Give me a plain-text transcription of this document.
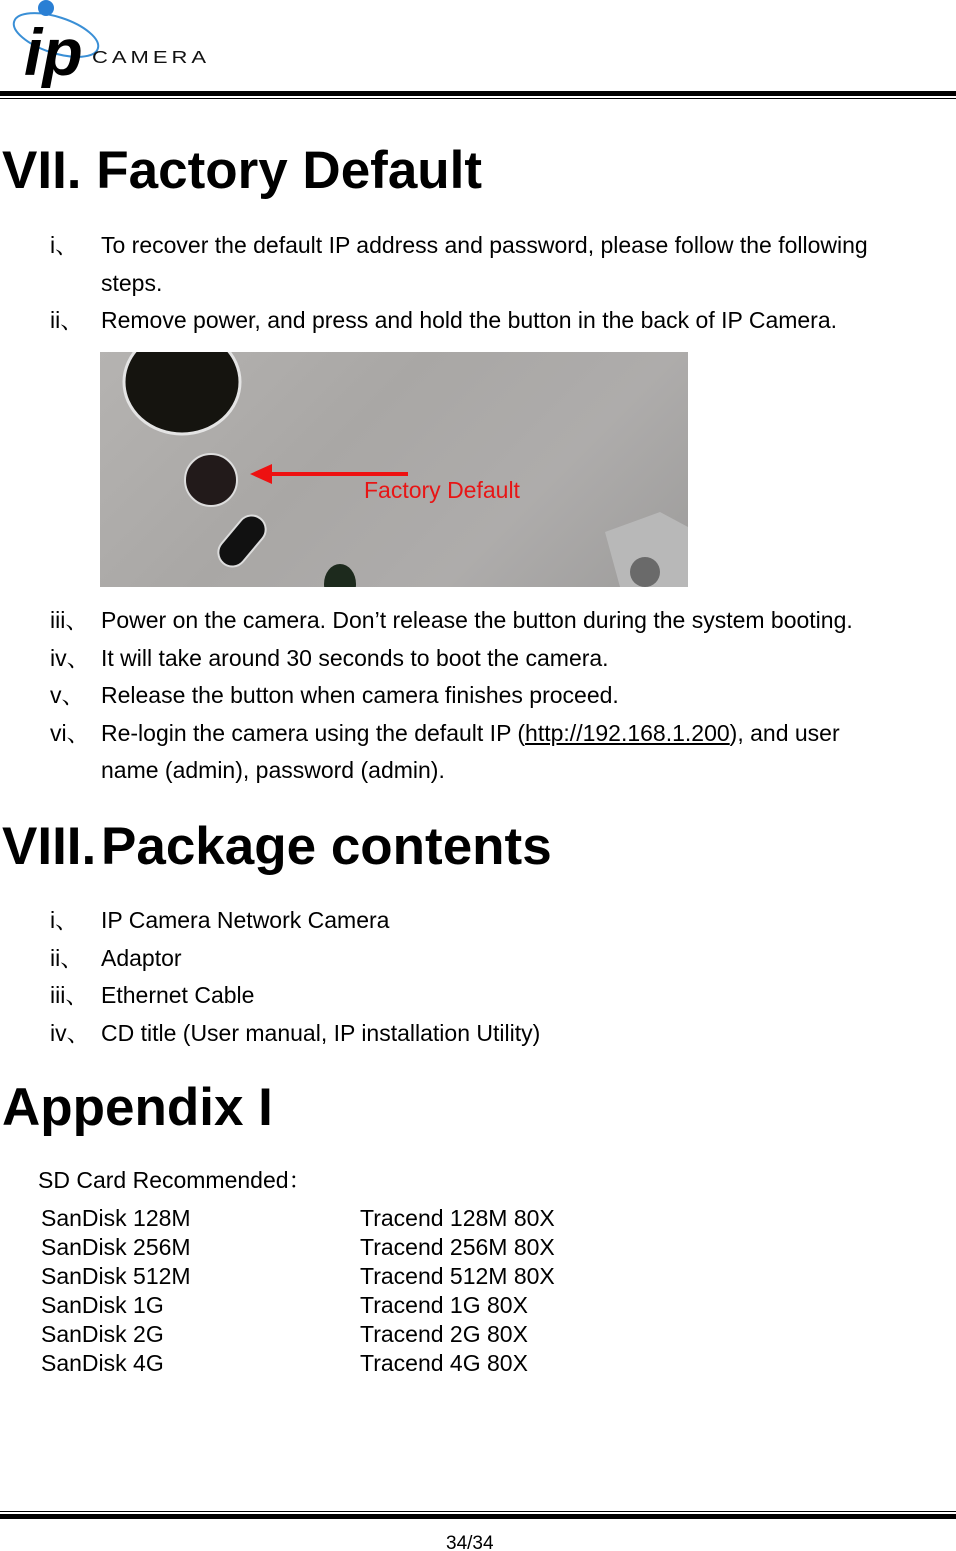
ip CAMERA
VII. Factory Default
i、 To recover the default IP address and password, please follow the following
steps.
ii、 Remove power, and press and hold the button in the back of IP Camera.
Factory Default
iii、 Power on the camera. Don’t release the button during the system booting.
iv、 It will take around 30 seconds to boot the camera.
v、 Release the button when camera finishes proceed.
vi、 Re-login the camera using the default IP (http://192.168.1.200), and user
name (admin), password (admin).
VIII. Package contents
i、 IP Camera Network Camera
ii、 Adaptor
iii、 Ethernet Cable
iv、 CD title (User manual, IP installation Utility)
Appendix I
SD Card Recommended：
SanDisk 128M
SanDisk 256M
SanDisk 512M
SanDisk 1G
SanDisk 2G
SanDisk 4G
Tracend 128M 80X
Tracend 256M 80X
Tracend 512M 80X
Tracend 1G 80X
Tracend 2G 80X
Tracend 4G 80X
34/34
